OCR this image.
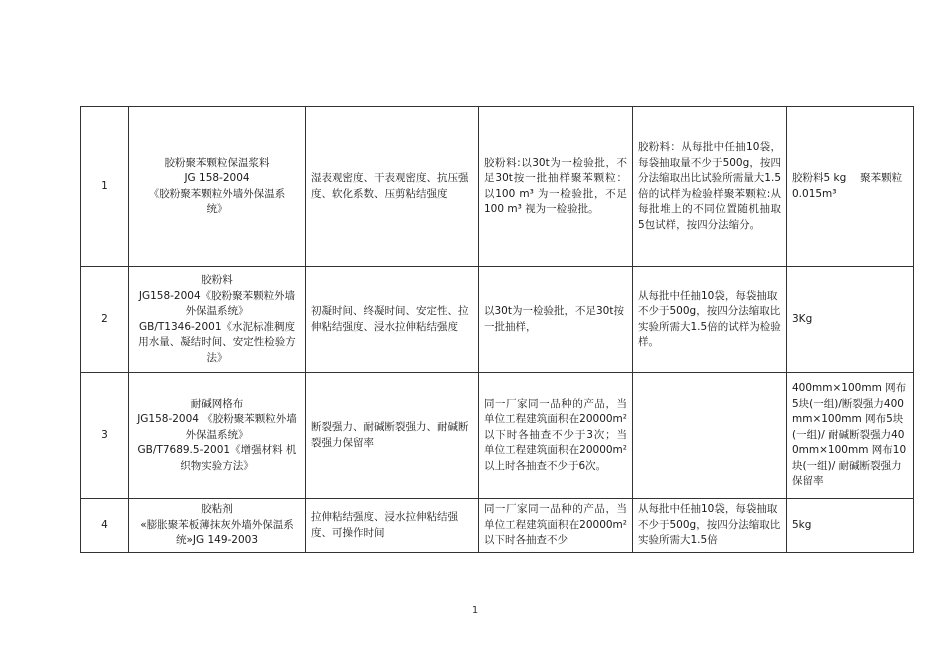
1	胶粉聚苯颗粒保温浆料
JG 158-2004
《胶粉聚苯颗粒外墙外保温系
统》	湿表观密度、干表观密度、抗压强度、软化系数、压剪粘结强度	胶粉料:以30t为一检验批，不足30t按一批抽样聚苯颗粒：以100 m³ 为一检验批，不足 100 m³ 视为一检验批。	胶粉料：从每批中任抽10袋，每袋抽取量不少于500g，按四 分法缩取出比试验所需量大1.5倍的试样为检验样聚苯颗粒:从每批堆上的不同位置随机抽取5包试样，按四分法缩分。	胶粉料5 kg　 聚苯颗粒0.015m³
2	胶粉料
JG158-2004《胶粉聚苯颗粒外墙外保温系统》
GB/T1346-2001《水泥标准稠度用水量、凝结时间、安定性检验方法》	初凝时间、终凝时间、安定性、拉伸粘结强度、浸水拉伸粘结强度	以30t为一检验批，不足30t按一批抽样，	从每批中任抽10袋，每袋抽取不少于500g，按四分法缩取比实验所需大1.5倍的试样为检验样。	3Kg
3	耐碱网格布
JG158-2004 《胶粉聚苯颗粒外墙外保温系统》
GB/T7689.5-2001《增强材料 机织物实验方法》	断裂强力、耐碱断裂强力、耐碱断裂强力保留率	同一厂家同一品种的产品，当单位工程建筑面积在20000m²以下时各抽查不少于3次；当单位工程建筑面积在20000m²以上时各抽查不少于6次。		400mm×100mm 网布5块(一组)/断裂强力400mm×100mm 网布5块(一组)/ 耐碱断裂强力400mm×100mm 网布10块(一组)/ 耐碱断裂强力保留率
4	胶粘剂
«膨胀聚苯板薄抹灰外墙外保温系统»JG 149-2003	拉伸粘结强度、浸水拉伸粘结强度、可操作时间	同一厂家同一品种的产品，当单位工程建筑面积在20000m²以下时各抽查不少	从每批中任抽10袋，每袋抽取不少于500g，按四分法缩取比实验所需大1.5倍	5kg
1
